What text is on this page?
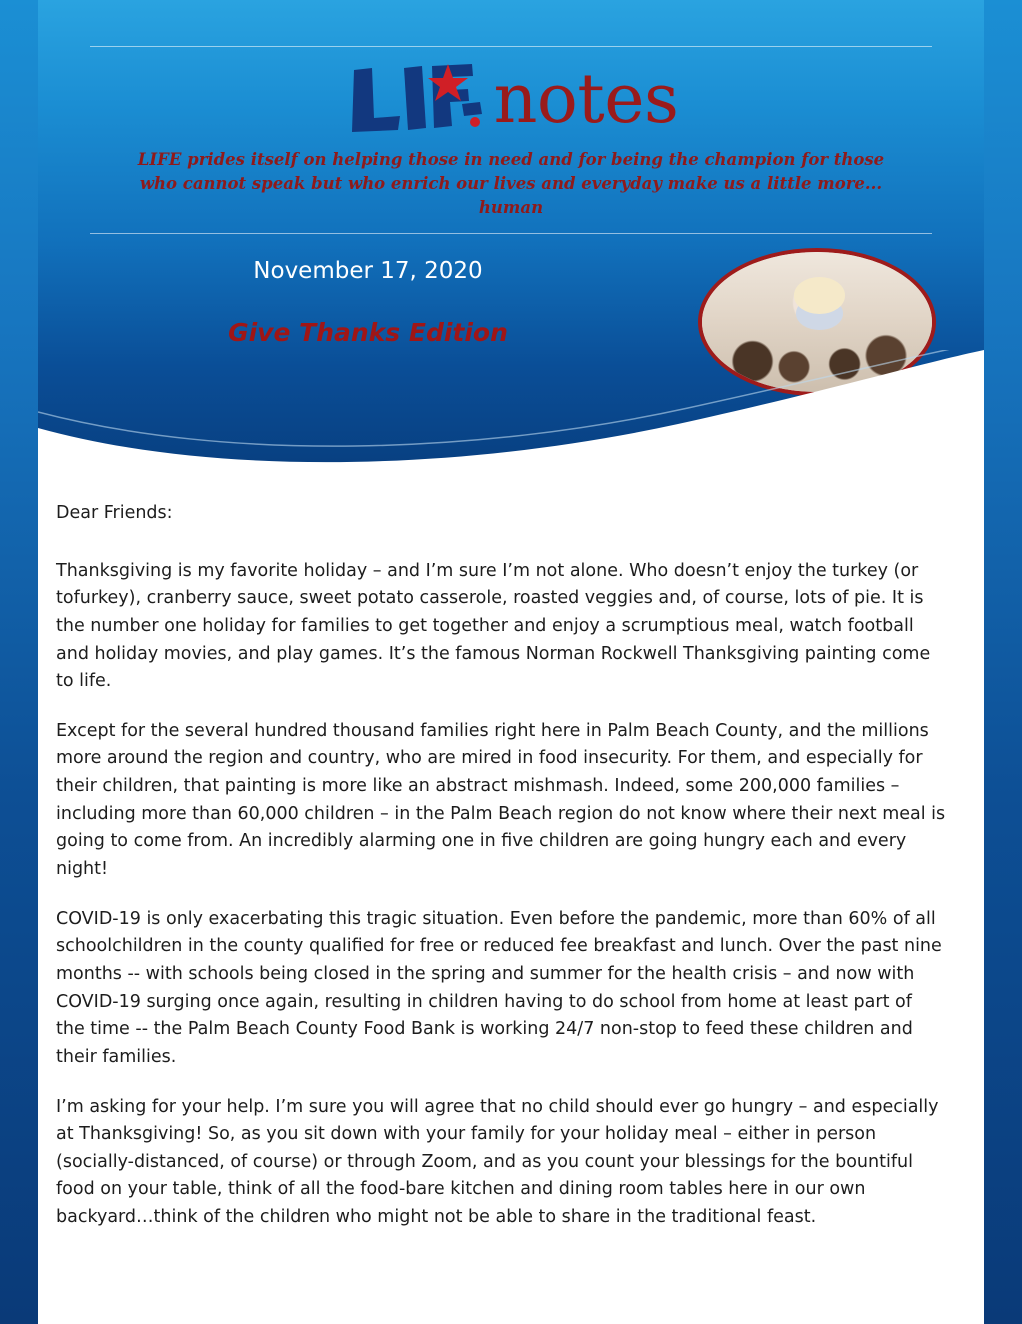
notes
LIFE prides itself on helping those in need and for being the champion for those who cannot speak but who enrich our lives and everyday make us a little more... human
November 17, 2020
Give Thanks Edition

Dear Friends:

Thanksgiving is my favorite holiday – and I’m sure I’m not alone. Who doesn’t enjoy the turkey (or tofurkey), cranberry sauce, sweet potato casserole, roasted veggies and, of course, lots of pie. It is the number one holiday for families to get together and enjoy a scrumptious meal, watch football and holiday movies, and play games. It’s the famous Norman Rockwell Thanksgiving painting come to life.

Except for the several hundred thousand families right here in Palm Beach County, and the millions more around the region and country, who are mired in food insecurity. For them, and especially for their children, that painting is more like an abstract mishmash. Indeed, some 200,000 families – including more than 60,000 children – in the Palm Beach region do not know where their next meal is going to come from. An incredibly alarming one in five children are going hungry each and every night!

COVID-19 is only exacerbating this tragic situation. Even before the pandemic, more than 60% of all schoolchildren in the county qualified for free or reduced fee breakfast and lunch. Over the past nine months -- with schools being closed in the spring and summer for the health crisis – and now with COVID-19 surging once again, resulting in children having to do school from home at least part of the time -- the Palm Beach County Food Bank is working 24/7 non-stop to feed these children and their families.

I’m asking for your help. I’m sure you will agree that no child should ever go hungry – and especially at Thanksgiving! So, as you sit down with your family for your holiday meal – either in person (socially-distanced, of course) or through Zoom, and as you count your blessings for the bountiful food on your table, think of all the food-bare kitchen and dining room tables here in our own backyard…think of the children who might not be able to share in the traditional feast.
